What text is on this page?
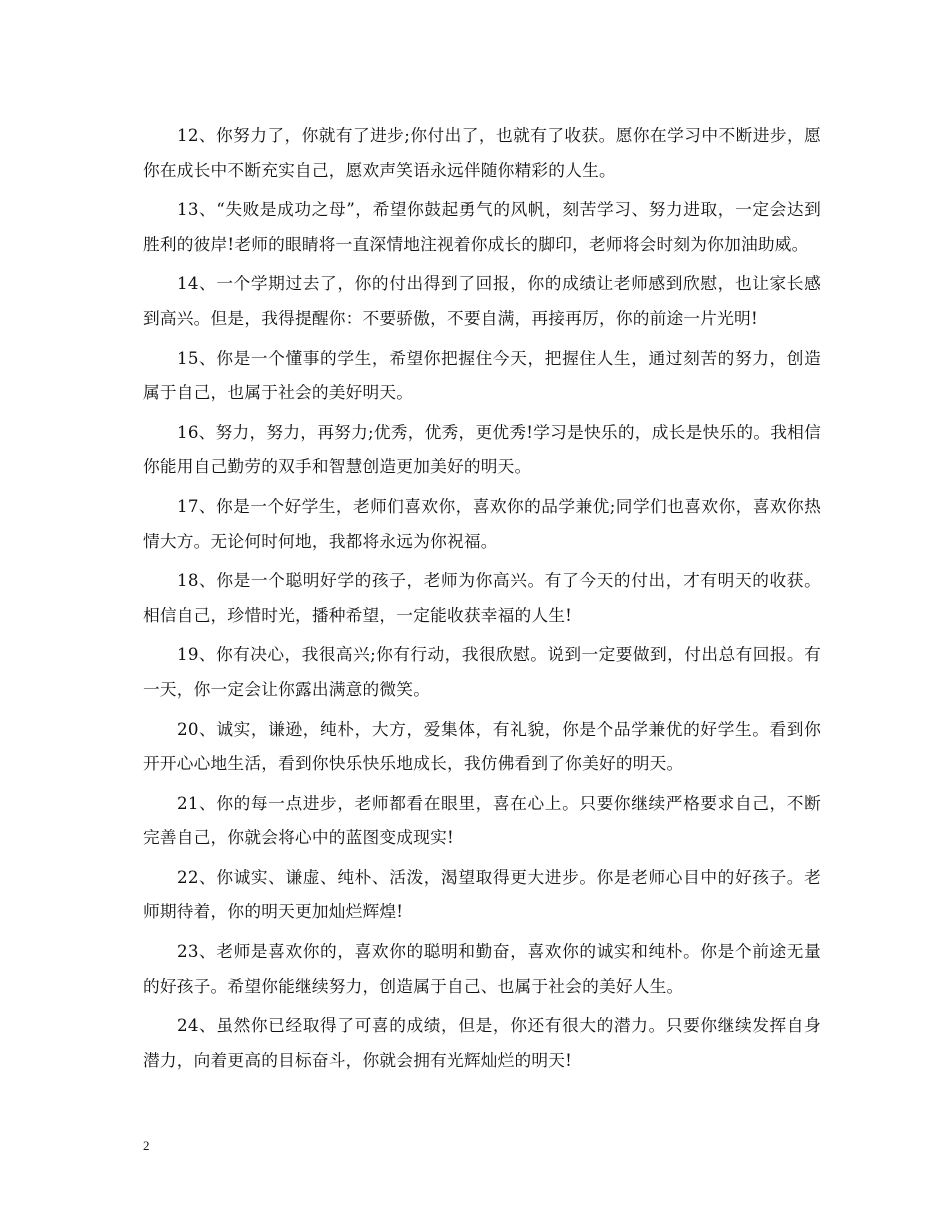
12、你努力了，你就有了进步;你付出了，也就有了收获。愿你在学习中不断进步，愿你在成长中不断充实自己，愿欢声笑语永远伴随你精彩的人生。

13、“失败是成功之母”，希望你鼓起勇气的风帆，刻苦学习、努力进取，一定会达到胜利的彼岸!老师的眼睛将一直深情地注视着你成长的脚印，老师将会时刻为你加油助威。

14、一个学期过去了，你的付出得到了回报，你的成绩让老师感到欣慰，也让家长感到高兴。但是，我得提醒你：不要骄傲，不要自满，再接再厉，你的前途一片光明!

15、你是一个懂事的学生，希望你把握住今天，把握住人生，通过刻苦的努力，创造属于自己，也属于社会的美好明天。

16、努力，努力，再努力;优秀，优秀，更优秀!学习是快乐的，成长是快乐的。我相信你能用自己勤劳的双手和智慧创造更加美好的明天。

17、你是一个好学生，老师们喜欢你，喜欢你的品学兼优;同学们也喜欢你，喜欢你热情大方。无论何时何地，我都将永远为你祝福。

18、你是一个聪明好学的孩子，老师为你高兴。有了今天的付出，才有明天的收获。相信自己，珍惜时光，播种希望，一定能收获幸福的人生!

19、你有决心，我很高兴;你有行动，我很欣慰。说到一定要做到，付出总有回报。有一天，你一定会让你露出满意的微笑。

20、诚实，谦逊，纯朴，大方，爱集体，有礼貌，你是个品学兼优的好学生。看到你开开心心地生活，看到你快乐快乐地成长，我仿佛看到了你美好的明天。

21、你的每一点进步，老师都看在眼里，喜在心上。只要你继续严格要求自己，不断完善自己，你就会将心中的蓝图变成现实!

22、你诚实、谦虚、纯朴、活泼，渴望取得更大进步。你是老师心目中的好孩子。老师期待着，你的明天更加灿烂辉煌!

23、老师是喜欢你的，喜欢你的聪明和勤奋，喜欢你的诚实和纯朴。你是个前途无量的好孩子。希望你能继续努力，创造属于自己、也属于社会的美好人生。

24、虽然你已经取得了可喜的成绩，但是，你还有很大的潜力。只要你继续发挥自身潜力，向着更高的目标奋斗，你就会拥有光辉灿烂的明天!

2
